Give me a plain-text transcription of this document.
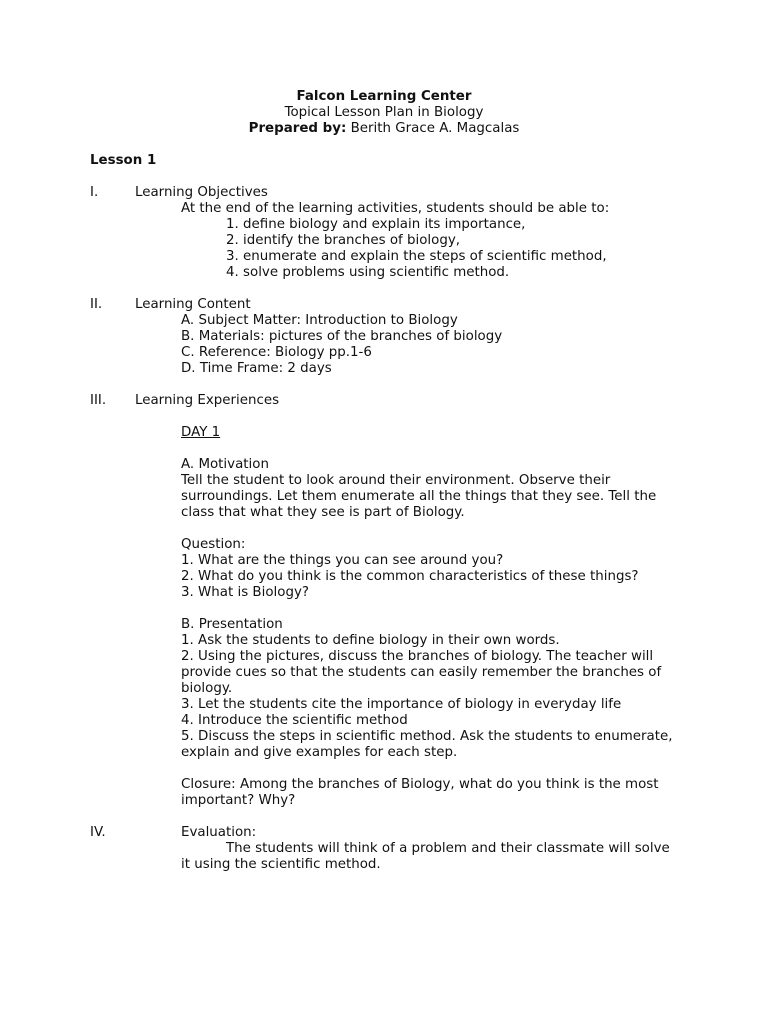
Falcon Learning Center

Topical Lesson Plan in Biology

Prepared by: Berith Grace A. Magcalas

Lesson 1

I.	Learning Objectives

At the end of the learning activities, students should be able to:

1. define biology and explain its importance,

2. identify the branches of biology,

3. enumerate and explain the steps of scientific method,

4. solve problems using scientific method.

II. Learning Content

A. Subject Matter: Introduction to Biology

B. Materials: pictures of the branches of biology

C. Reference: Biology pp.1-6

D. Time Frame: 2 days

III. Learning Experiences

DAY 1

A. Motivation

Tell the student to look around their environment. Observe their

surroundings. Let them enumerate all the things that they see. Tell the

class that what they see is part of Biology.

Question:

1. What are the things you can see around you?

2. What do you think is the common characteristics of these things?

3. What is Biology?

B. Presentation

1. Ask the students to define biology in their own words.

2. Using the pictures, discuss the branches of biology. The teacher will

provide cues so that the students can easily remember the branches of

biology.

3. Let the students cite the importance of biology in everyday life

4. Introduce the scientific method

5. Discuss the steps in scientific method. Ask the students to enumerate,

explain and give examples for each step.

Closure: Among the branches of Biology, what do you think is the most

important? Why?

IV.	Evaluation:

The students will think of a problem and their classmate will solve

it using the scientific method.
